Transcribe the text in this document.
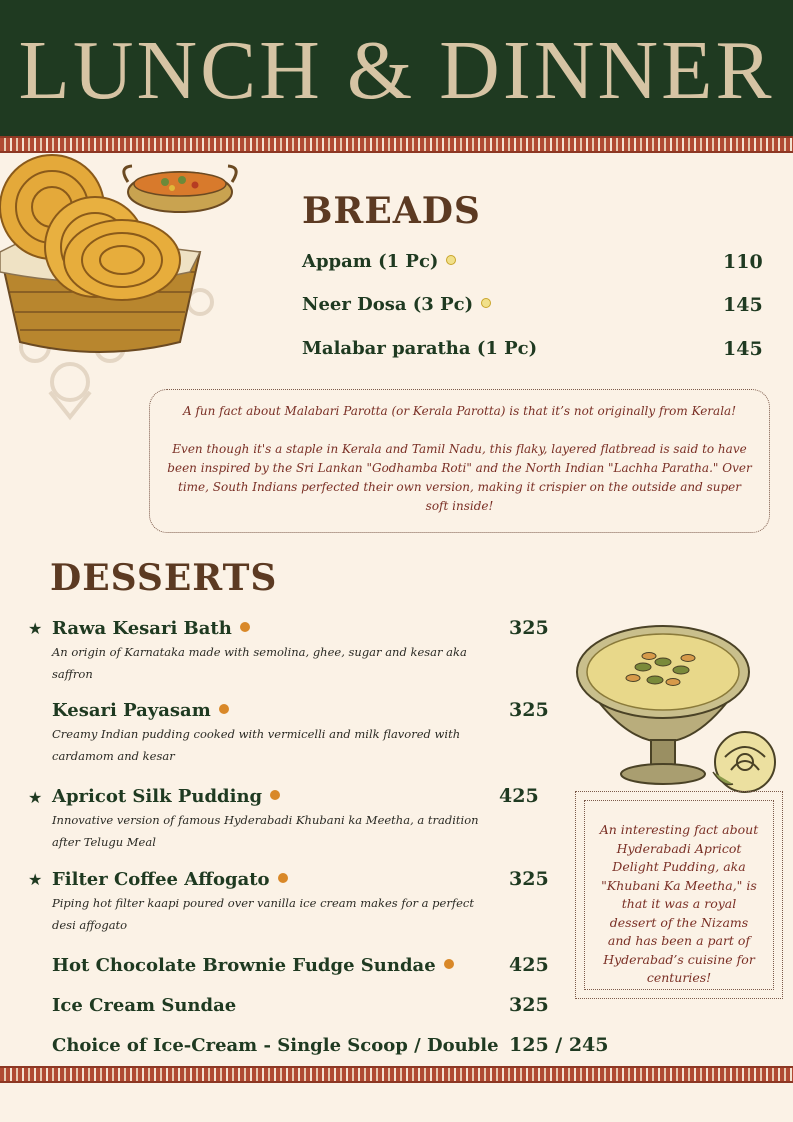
LUNCH & DINNER
BREADS
Appam (1 Pc)	110
Neer Dosa (3 Pc)	145
Malabar paratha (1 Pc)	145
A fun fact about Malabari Parotta (or Kerala Parotta) is that it’s not originally from Kerala!
Even though it's a staple in Kerala and Tamil Nadu, this flaky, layered flatbread is said to have been inspired by the Sri Lankan "Godhamba Roti" and the North Indian "Lachha Paratha." Over time, South Indians perfected their own version, making it crispier on the outside and super soft inside!
DESSERTS
★ Rawa Kesari Bath	325
An origin of Karnataka made with semolina, ghee, sugar and kesar aka saffron
Kesari Payasam	325
Creamy Indian pudding cooked with vermicelli and milk flavored with cardamom and kesar
★ Apricot Silk Pudding	425
Innovative version of famous Hyderabadi Khubani ka Meetha, a tradition after Telugu Meal
★ Filter Coffee Affogato	325
Piping hot filter kaapi poured over vanilla ice cream makes for a perfect desi affogato
Hot Chocolate Brownie Fudge Sundae	425
Ice Cream Sundae	325
Choice of Ice-Cream - Single Scoop / Double 125 / 245
An interesting fact about Hyderabadi Apricot Delight Pudding, aka "Khubani Ka Meetha," is that it was a royal dessert of the Nizams and has been a part of Hyderabad’s cuisine for centuries!
